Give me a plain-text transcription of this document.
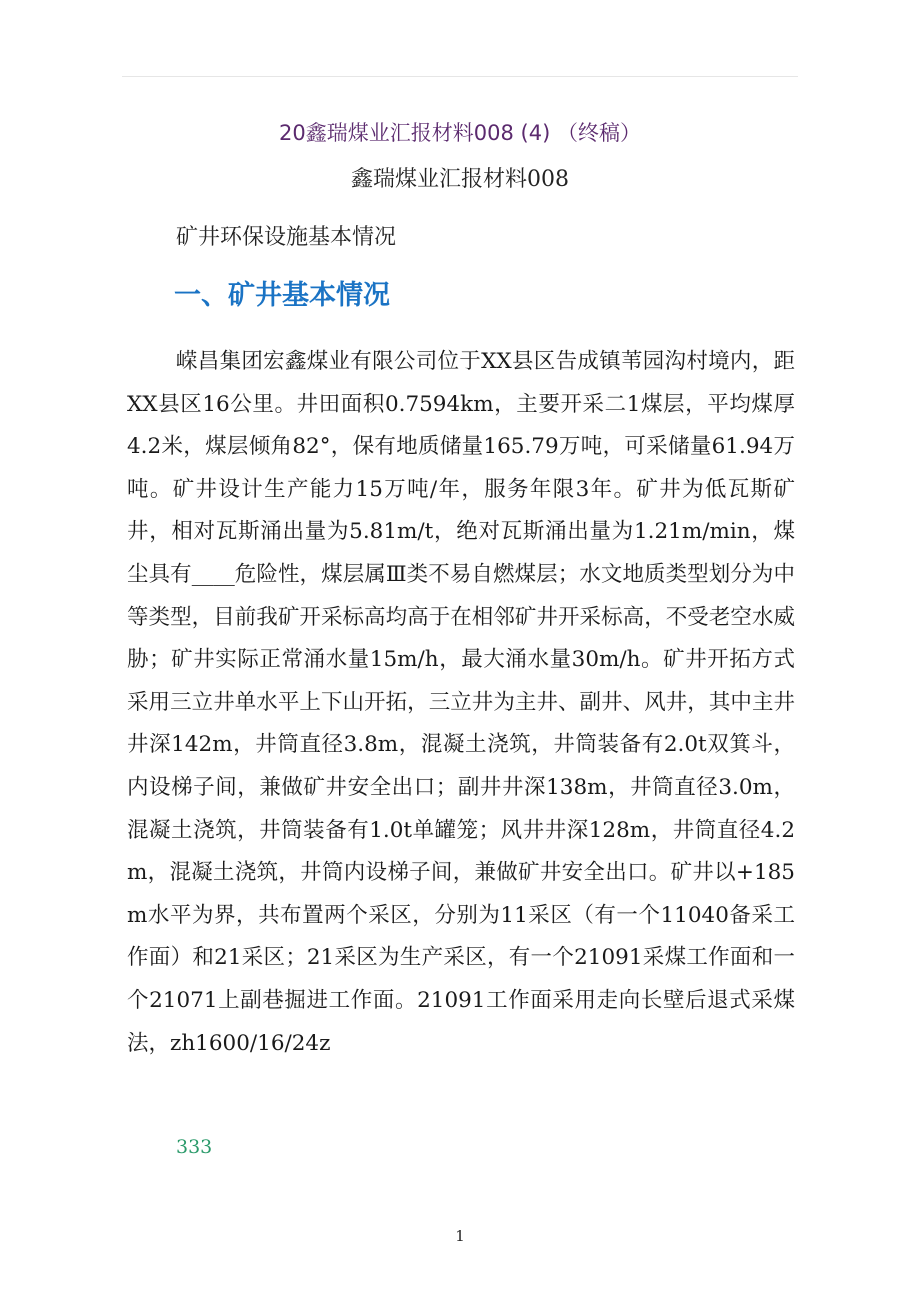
20鑫瑞煤业汇报材料008 (4) （终稿）

鑫瑞煤业汇报材料008

矿井环保设施基本情况

一、矿井基本情况

嵘昌集团宏鑫煤业有限公司位于XX县区告成镇苇园沟村境内，距XX县区16公里。井田面积0.7594km，主要开采二1煤层，平均煤厚4.2米，煤层倾角82°，保有地质储量165.79万吨，可采储量61.94万吨。矿井设计生产能力15万吨/年，服务年限3年。矿井为低瓦斯矿井，相对瓦斯涌出量为5.81m/t，绝对瓦斯涌出量为1.21m/min，煤尘具有____危险性，煤层属Ⅲ类不易自燃煤层；水文地质类型划分为中等类型，目前我矿开采标高均高于在相邻矿井开采标高，不受老空水威胁；矿井实际正常涌水量15m/h，最大涌水量30m/h。矿井开拓方式采用三立井单水平上下山开拓，三立井为主井、副井、风井，其中主井井深142m，井筒直径3.8m，混凝土浇筑，井筒装备有2.0t双箕斗，内设梯子间，兼做矿井安全出口；副井井深138m，井筒直径3.0m，混凝土浇筑，井筒装备有1.0t单罐笼；风井井深128m，井筒直径4.2m，混凝土浇筑，井筒内设梯子间，兼做矿井安全出口。矿井以+185m水平为界，共布置两个采区，分别为11采区（有一个11040备采工作面）和21采区；21采区为生产采区，有一个21091采煤工作面和一个21071上副巷掘进工作面。21091工作面采用走向长壁后退式采煤法，zh1600/16/24z

333

1
